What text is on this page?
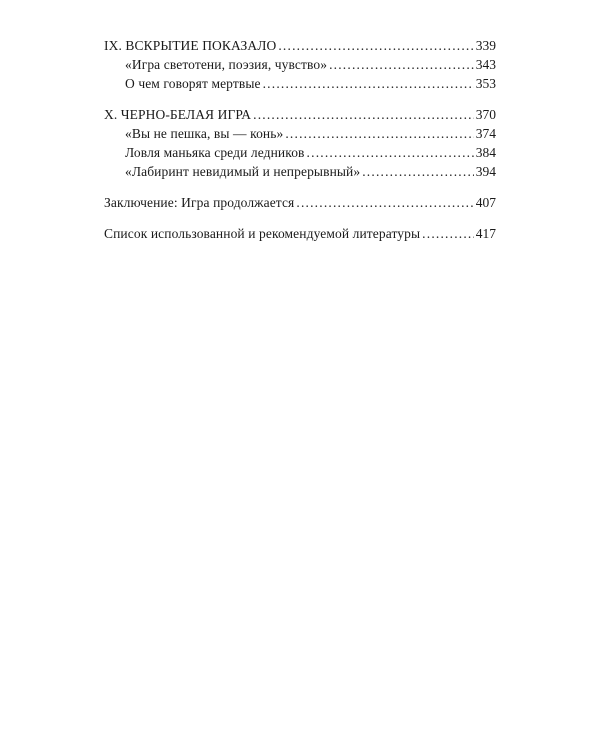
IX. ВСКРЫТИЕ ПОКАЗАЛО .....	339
«Игра светотени, поэзия, чувство» .....	343
О чем говорят мертвые .....	353
X. ЧЕРНО-БЕЛАЯ ИГРА .....	370
«Вы не пешка, вы — конь» .....	374
Ловля маньяка среди ледников .....	384
«Лабиринт невидимый и непрерывный» .....	394
Заключение: Игра продолжается .....	407
Список использованной и рекомендуемой литературы .....	417
